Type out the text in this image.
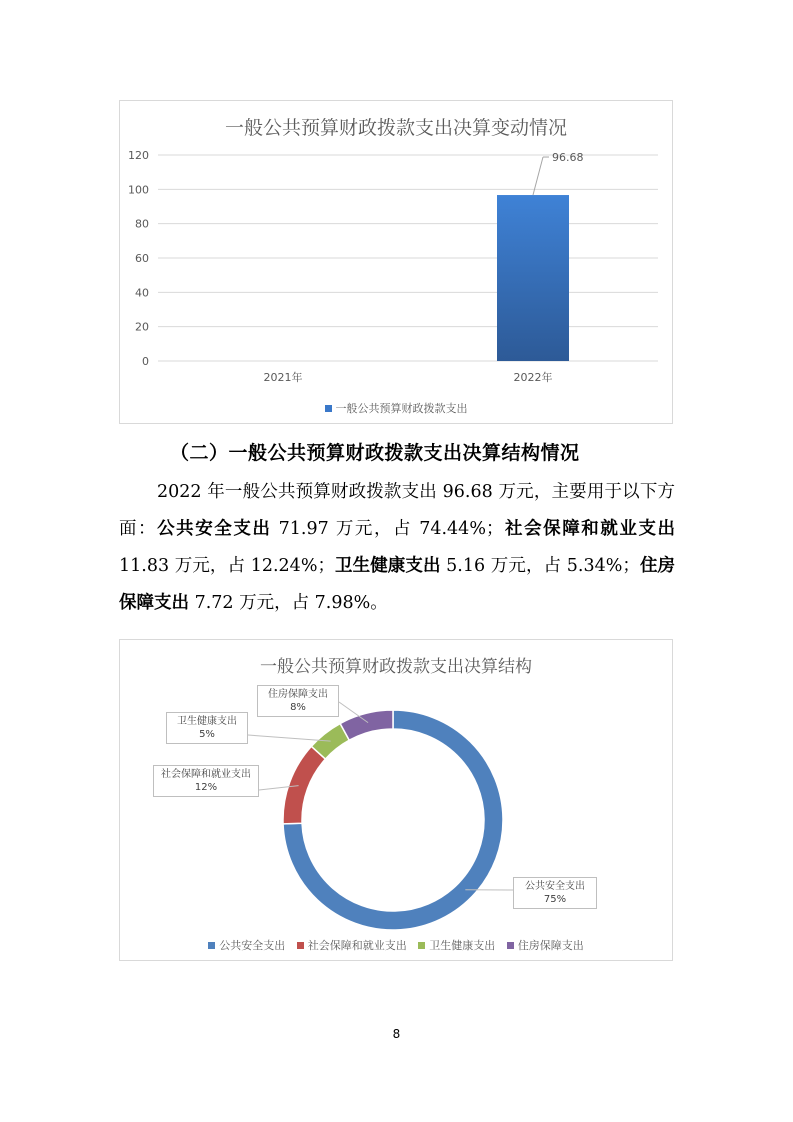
一般公共预算财政拨款支出决算变动情况
0
20
40
60
80
100
120
2021年	2022年
96.68
一般公共预算财政拨款支出
（二）一般公共预算财政拨款支出决算结构情况

2022 年一般公共预算财政拨款支出 96.68 万元，主要用于以下方面：公共安全支出 71.97 万元，占 74.44%；社会保障和就业支出 11.83 万元，占 12.24%；卫生健康支出 5.16 万元，占 5.34%；住房保障支出 7.72 万元，占 7.98%。

一般公共预算财政拨款支出决算结构
住房保障支出
8%
卫生健康支出
5%
社会保障和就业支出
12%
公共安全支出
75%
公共安全支出 社会保障和就业支出 卫生健康支出 住房保障支出
8
